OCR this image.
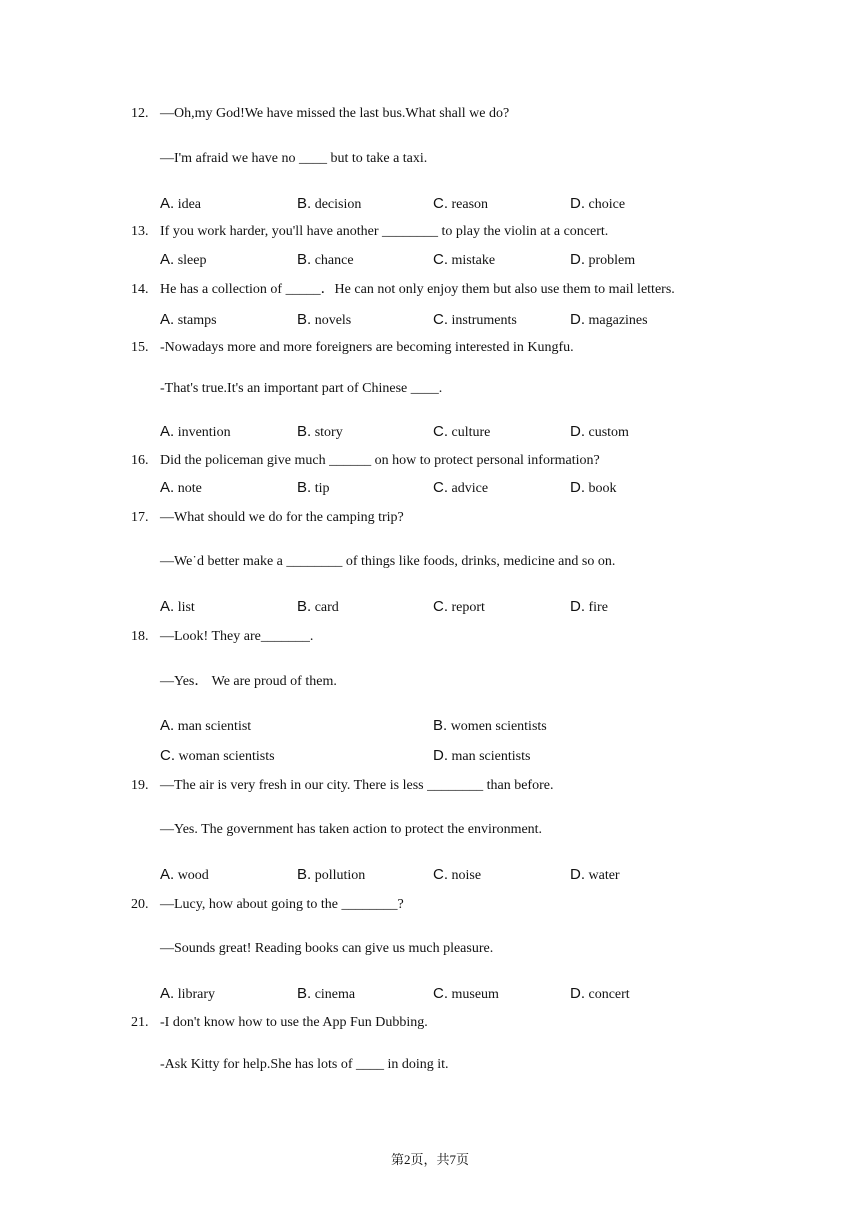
12. —Oh,my God!We have missed the last bus.What shall we do?
—I'm afraid we have no ____ but to take a taxi.
A. idea	B. decision	C. reason	D. choice
13. If you work harder, you'll have another ________ to play the violin at a concert.
A. sleep	B. chance	C. mistake	D. problem
14. He has a collection of _____．He can not only enjoy them but also use them to mail letters.
A. stamps	B. novels	C. instruments	D. magazines
15. -Nowadays more and more foreigners are becoming interested in Kungfu.
-That's true.It's an important part of Chinese ____.
A. invention	B. story	C. culture	D. custom
16. Did the policeman give much ______ on how to protect personal information?
A. note	B. tip	C. advice	D. book
17. —What should we do for the camping trip?
—We˙d better make a ________ of things like foods, drinks, medicine and so on.
A. list	B. card	C. report	D. fire
18. —Look! They are_______.
—Yes． We are proud of them.
A. man scientist	B. women scientists
C. woman scientists	D. man scientists
19. —The air is very fresh in our city. There is less ________ than before.
—Yes. The government has taken action to protect the environment.
A. wood	B. pollution	C. noise	D. water
20. —Lucy, how about going to the ________?
—Sounds great! Reading books can give us much pleasure.
A. library	B. cinema	C. museum	D. concert
21. -I don't know how to use the App Fun Dubbing.
-Ask Kitty for help.She has lots of ____ in doing it.
第2页，共7页
